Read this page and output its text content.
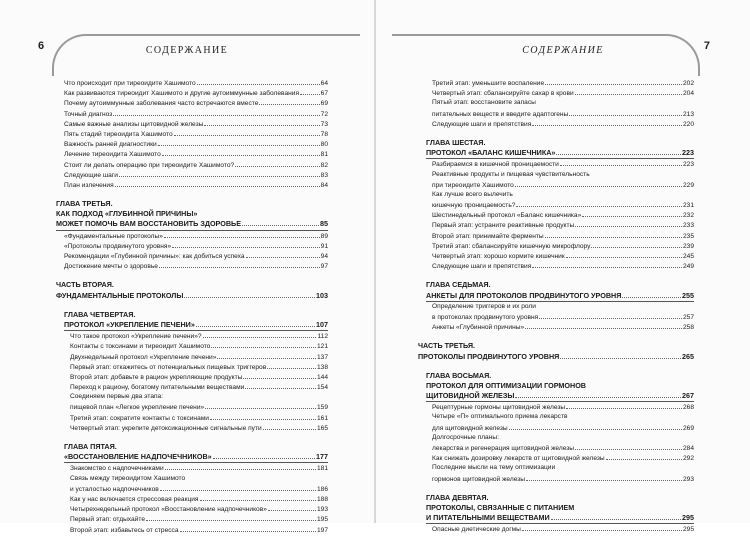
6	СОДЕРЖАНИЕ
Что происходит при тиреоидите Хашимото	64
Как развиваются тиреоидит Хашимото и другие аутоиммунные заболевания	67
Почему аутоиммунные заболевания часто встречаются вместе	69
Точный диагноз	72
Самые важные анализы щитовидной железы	73
Пять стадий тиреоидита Хашимото	78
Важность ранней диагностики	80
Лечение тиреоидита Хашимото	81
Стоит ли делать операцию при тиреоидите Хашимото?	82
Следующие шаги	83
План излечения	84
ГЛАВА ТРЕТЬЯ.
КАК ПОДХОД «ГЛУБИННОЙ ПРИЧИНЫ»
МОЖЕТ ПОМОЧЬ ВАМ ВОССТАНОВИТЬ ЗДОРОВЬЕ	85
«Фундаментальные протоколы»	89
«Протоколы продвинутого уровня»	91
Рекомендации «Глубинной причины»: как добиться успеха	94
Достижение мечты о здоровье	97
ЧАСТЬ ВТОРАЯ.
ФУНДАМЕНТАЛЬНЫЕ ПРОТОКОЛЫ	103
ГЛАВА ЧЕТВЕРТАЯ.
ПРОТОКОЛ «УКРЕПЛЕНИЕ ПЕЧЕНИ»	107
Что такое протокол «Укрепление печени»?	112
Контакты с токсинами и тиреоидит Хашимото	121
Двухнедельный протокол «Укрепление печени»	137
Первый этап: откажитесь от потенциальных пищевых триггеров	138
Второй этап: добавьте в рацион укрепляющие продукты	144
Переход к рациону, богатому питательными веществами	154
Соединяем первые два этапа:
пищевой план «Легкое укрепление печени»	159
Третий этап: сократите контакты с токсинами	161
Четвертый этап: укрепите детоксикационные сигнальные пути	165
ГЛАВА ПЯТАЯ.
«ВОССТАНОВЛЕНИЕ НАДПОЧЕЧНИКОВ»	177
Знакомство с надпочечниками	181
Связь между тиреоидитом Хашимото
и усталостью надпочечников	186
Как у нас включается стрессовая реакция	188
Четырехнедельный протокол «Восстановление надпочечников»	193
Первый этап: отдыхайте	195
Второй этап: избавьтесь от стресса	197
7
СОДЕРЖАНИЕ
Третий этап: уменьшите воспаление	202
Четвертый этап: сбалансируйте сахар в крови	204
Пятый этап: восстановите запасы
питательных веществ и введите адаптогены	213
Следующие шаги и препятствия	220
ГЛАВА ШЕСТАЯ.
ПРОТОКОЛ «БАЛАНС КИШЕЧНИКА»	223
Разбираемся в кишечной проницаемости	223
Реактивные продукты и пищевая чувствительность
при тиреоидите Хашимото	229
Как лучше всего вылечить
кишечную проницаемость?	231
Шестинедельный протокол «Баланс кишечника»	232
Первый этап: устраните реактивные продукты	233
Второй этап: принимайте ферменты	235
Третий этап: сбалансируйте кишечную микрофлору	239
Четвертый этап: хорошо кормите кишечник	245
Следующие шаги и препятствия	249
ГЛАВА СЕДЬМАЯ.
АНКЕТЫ ДЛЯ ПРОТОКОЛОВ ПРОДВИНУТОГО УРОВНЯ	255
Определение триггеров и их роли
в протоколах продвинутого уровня	257
Анкеты «Глубинной причины»	258
ЧАСТЬ ТРЕТЬЯ.
ПРОТОКОЛЫ ПРОДВИНУТОГО УРОВНЯ	265
ГЛАВА ВОСЬМАЯ.
ПРОТОКОЛ ДЛЯ ОПТИМИЗАЦИИ ГОРМОНОВ
ЩИТОВИДНОЙ ЖЕЛЕЗЫ	267
Рецептурные гормоны щитовидной железы	268
Четыре «П» оптимального приема лекарств
для щитовидной железы	269
Долгосрочные планы:
лекарства и регенерация щитовидной железы	284
Как снижать дозировку лекарств от щитовидной железы	292
Последние мысли на тему оптимизации
гормонов щитовидной железы	293
ГЛАВА ДЕВЯТАЯ.
ПРОТОКОЛЫ, СВЯЗАННЫЕ С ПИТАНИЕМ
И ПИТАТЕЛЬНЫМИ ВЕЩЕСТВАМИ	295
Опасные диетические догмы	295
